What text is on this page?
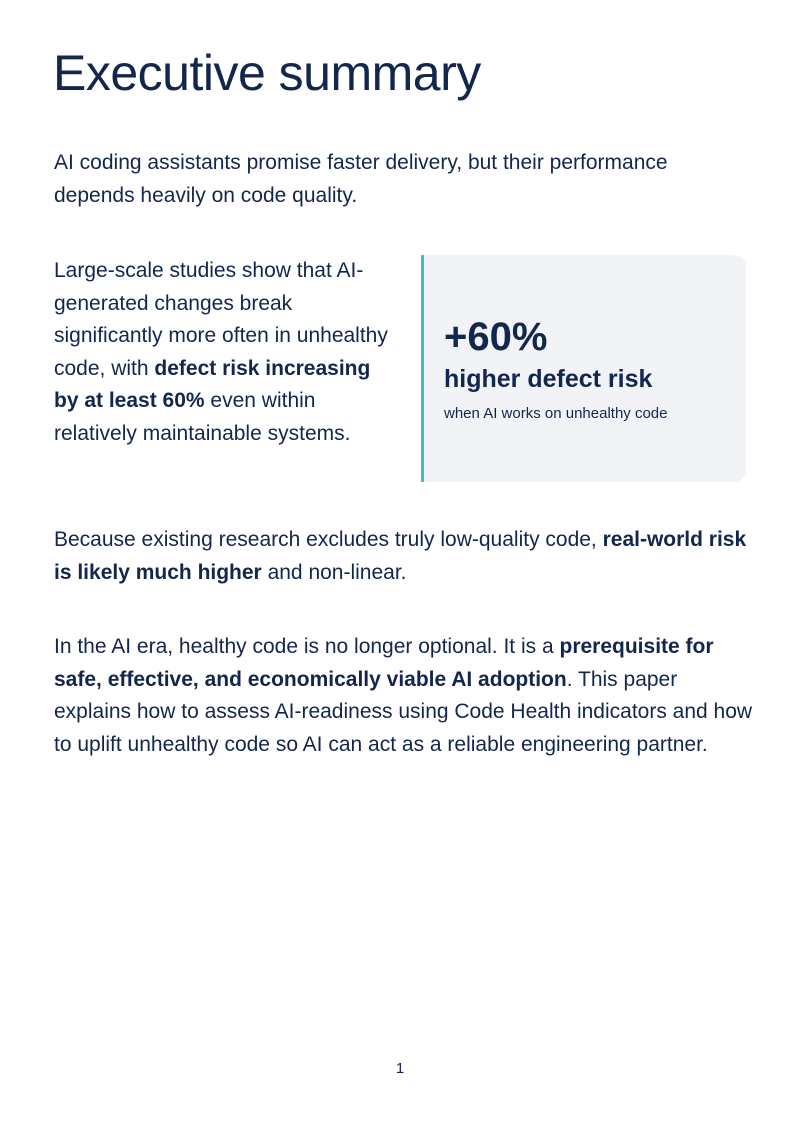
Executive summary

AI coding assistants promise faster delivery, but their performance depends heavily on code quality.

Large-scale studies show that AI-generated changes break significantly more often in unhealthy code, with defect risk increasing by at least 60% even within relatively maintainable systems.

+60%
higher defect risk
when AI works on unhealthy code

Because existing research excludes truly low-quality code, real-world risk is likely much higher and non-linear.

In the AI era, healthy code is no longer optional. It is a prerequisite for safe, effective, and economically viable AI adoption. This paper explains how to assess AI-readiness using Code Health indicators and how to uplift unhealthy code so AI can act as a reliable engineering partner.

1
